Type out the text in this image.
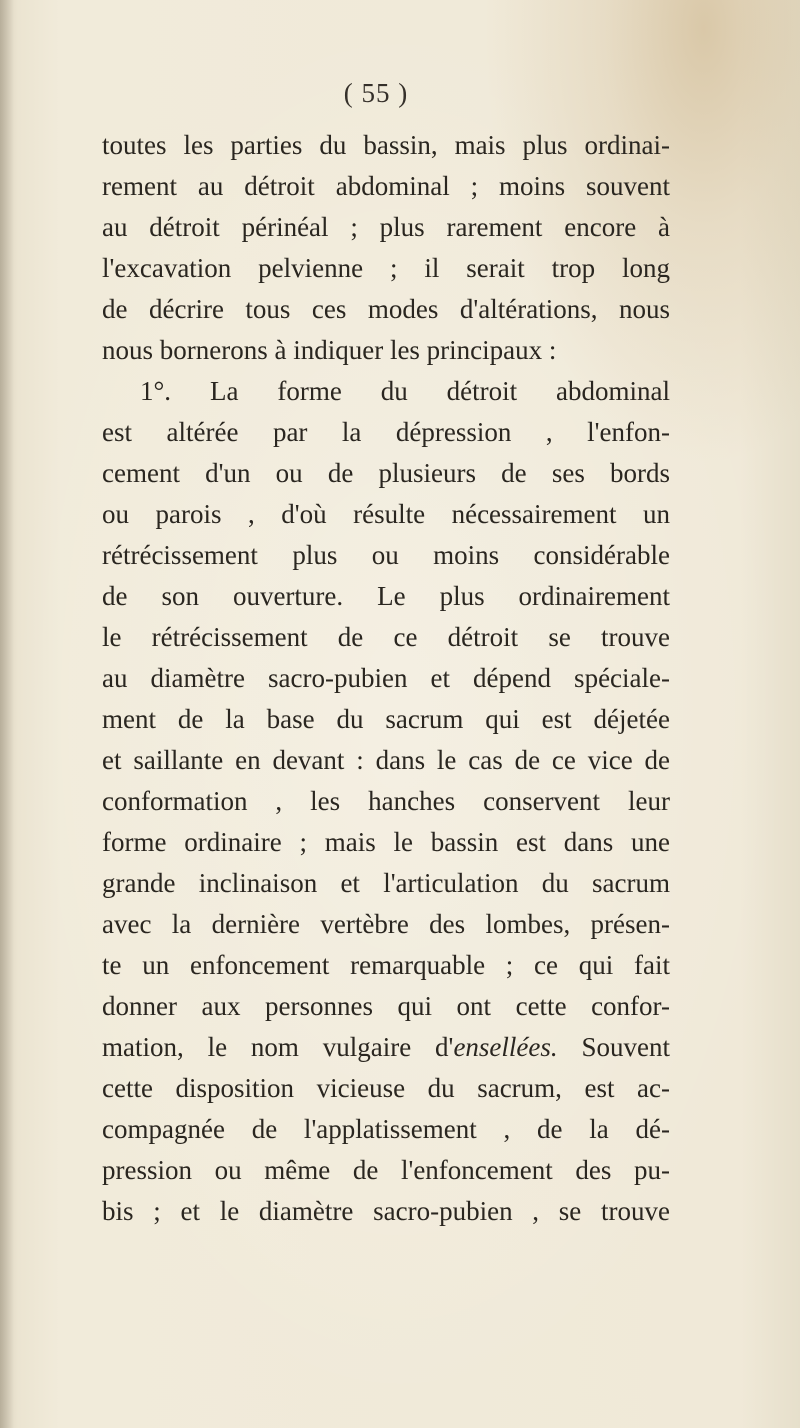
( 55 )
toutes les parties du bassin, mais plus ordinai-
rement au détroit abdominal ; moins souvent
au détroit périnéal ; plus rarement encore à
l'excavation pelvienne ; il serait trop long
de décrire tous ces modes d'altérations, nous
nous bornerons à indiquer les principaux :
1°. La forme du détroit abdominal
est altérée par la dépression , l'enfon-
cement d'un ou de plusieurs de ses bords
ou parois , d'où résulte nécessairement un
rétrécissement plus ou moins considérable
de son ouverture. Le plus ordinairement
le rétrécissement de ce détroit se trouve
au diamètre sacro-pubien et dépend spéciale-
ment de la base du sacrum qui est déjetée
et saillante en devant : dans le cas de ce vice de
conformation , les hanches conservent leur
forme ordinaire ; mais le bassin est dans une
grande inclinaison et l'articulation du sacrum
avec la dernière vertèbre des lombes, présen-
te un enfoncement remarquable ; ce qui fait
donner aux personnes qui ont cette confor-
mation, le nom vulgaire d'ensellées. Souvent
cette disposition vicieuse du sacrum, est ac-
compagnée de l'applatissement , de la dé-
pression ou même de l'enfoncement des pu-
bis ; et le diamètre sacro-pubien , se trouve
